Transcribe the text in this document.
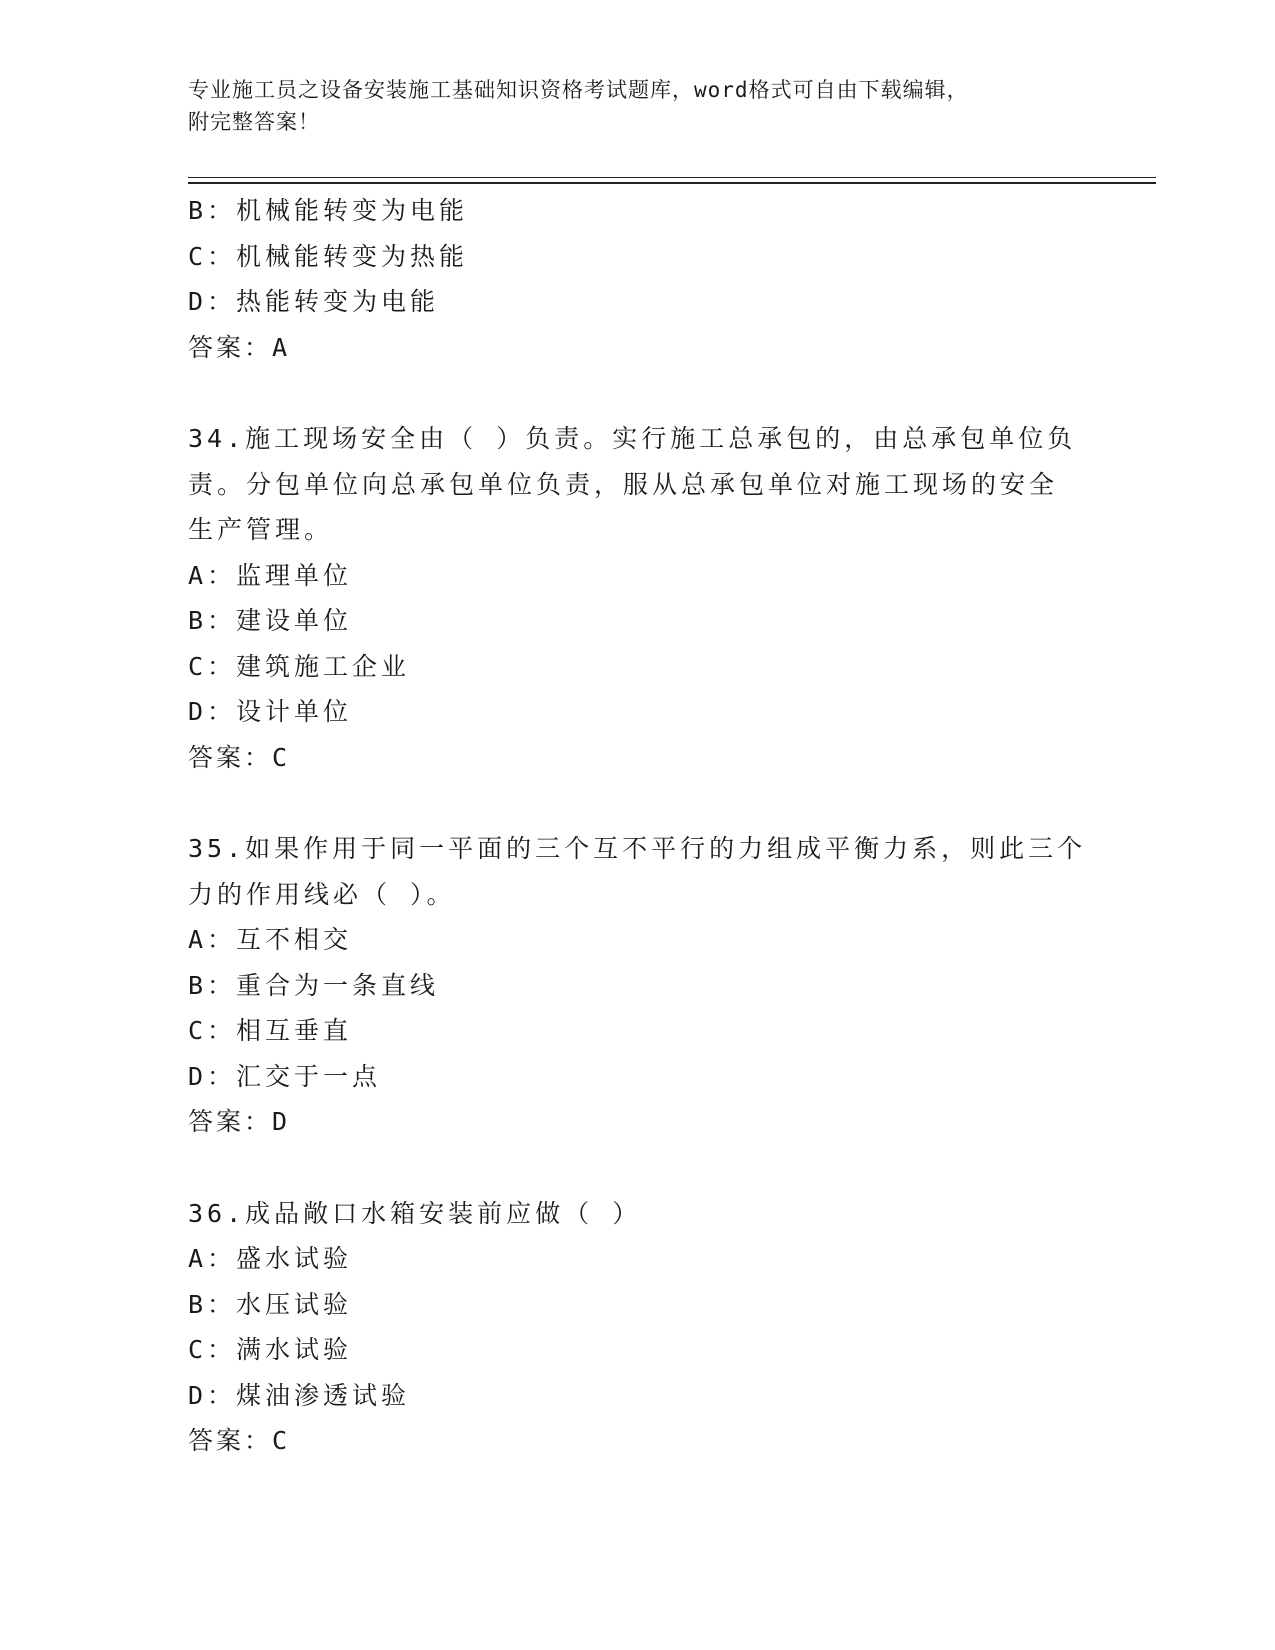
专业施工员之设备安装施工基础知识资格考试题库，word格式可自由下载编辑，
附完整答案！
B：机械能转变为电能
C：机械能转变为热能
D：热能转变为电能
答案：A
34.施工现场安全由（ ）负责。实行施工总承包的，由总承包单位负
责。分包单位向总承包单位负责，服从总承包单位对施工现场的安全
生产管理。
A：监理单位
B：建设单位
C：建筑施工企业
D：设计单位
答案：C
35.如果作用于同一平面的三个互不平行的力组成平衡力系，则此三个
力的作用线必（ ）。
A：互不相交
B：重合为一条直线
C：相互垂直
D：汇交于一点
答案：D
36.成品敞口水箱安装前应做（ ）
A：盛水试验
B：水压试验
C：满水试验
D：煤油渗透试验
答案：C
